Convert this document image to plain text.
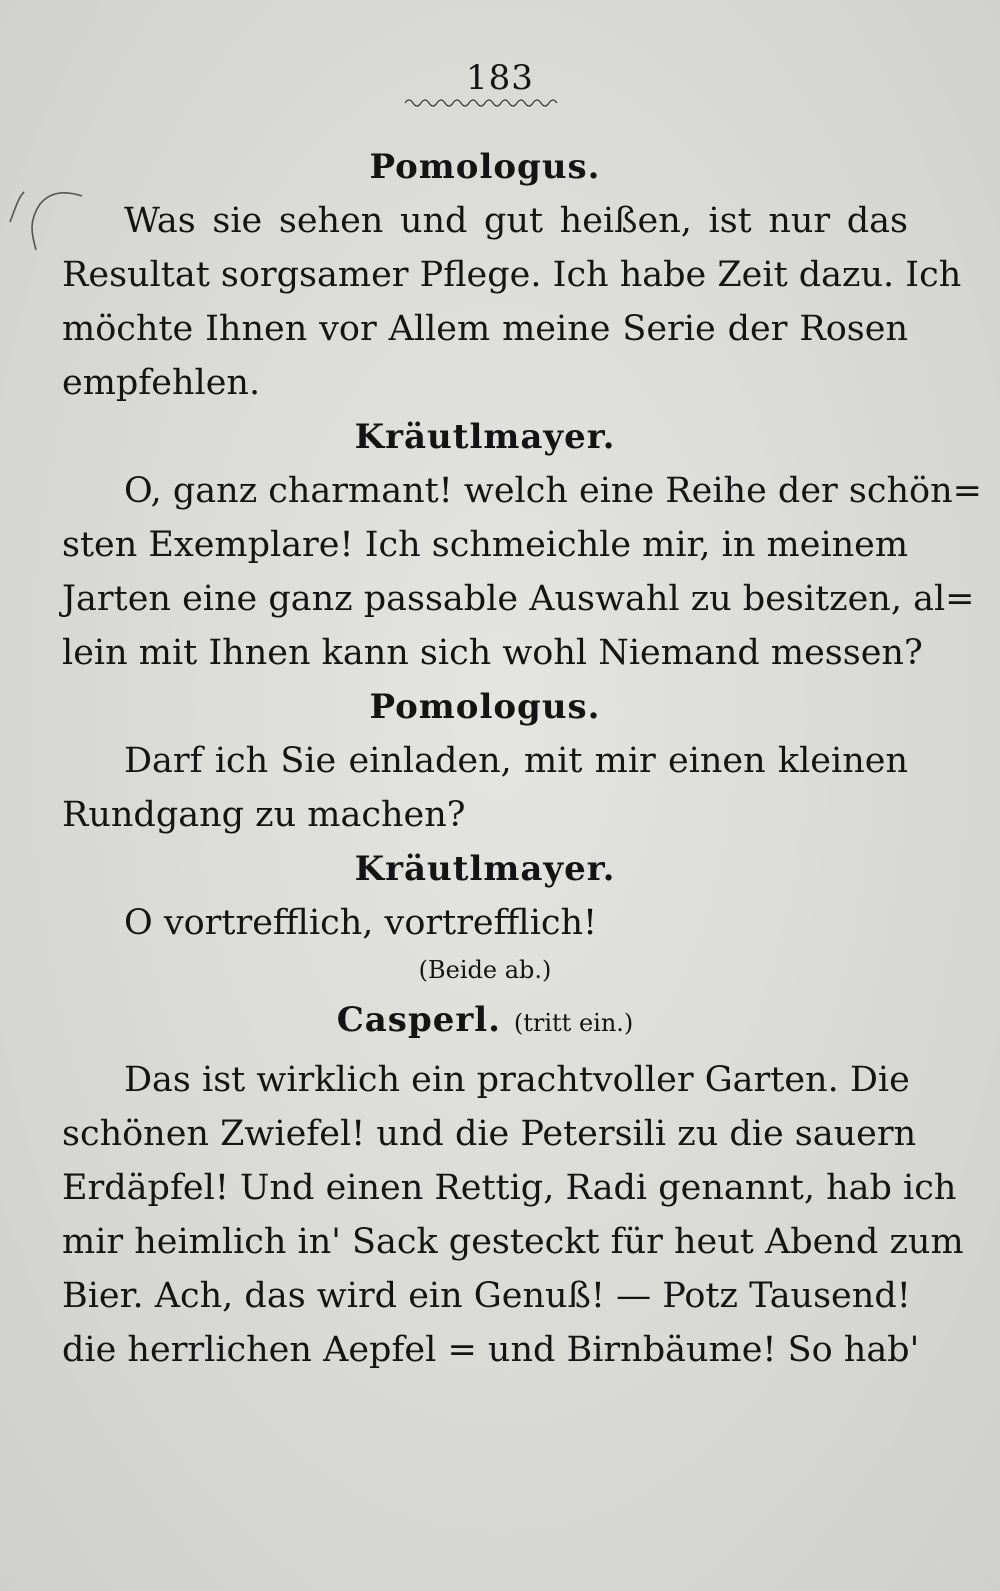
183

Pomologus.

Was sie sehen und gut heißen, ist nur das
Resultat sorgsamer Pflege. Ich habe Zeit dazu. Ich
möchte Ihnen vor Allem meine Serie der Rosen
empfehlen.

Kräutlmayer.

O, ganz charmant! welch eine Reihe der schön=
sten Exemplare! Ich schmeichle mir, in meinem
Jarten eine ganz passable Auswahl zu besitzen, al=
lein mit Ihnen kann sich wohl Niemand messen?

Pomologus.

Darf ich Sie einladen, mit mir einen kleinen
Rundgang zu machen?

Kräutlmayer.

O vortrefflich, vortrefflich!

(Beide ab.)

Casperl. (tritt ein.)

Das ist wirklich ein prachtvoller Garten. Die
schönen Zwiefel! und die Petersili zu die sauern
Erdäpfel! Und einen Rettig, Radi genannt, hab ich
mir heimlich in' Sack gesteckt für heut Abend zum
Bier. Ach, das wird ein Genuß! — Potz Tausend!
die herrlichen Aepfel = und Birnbäume! So hab'
